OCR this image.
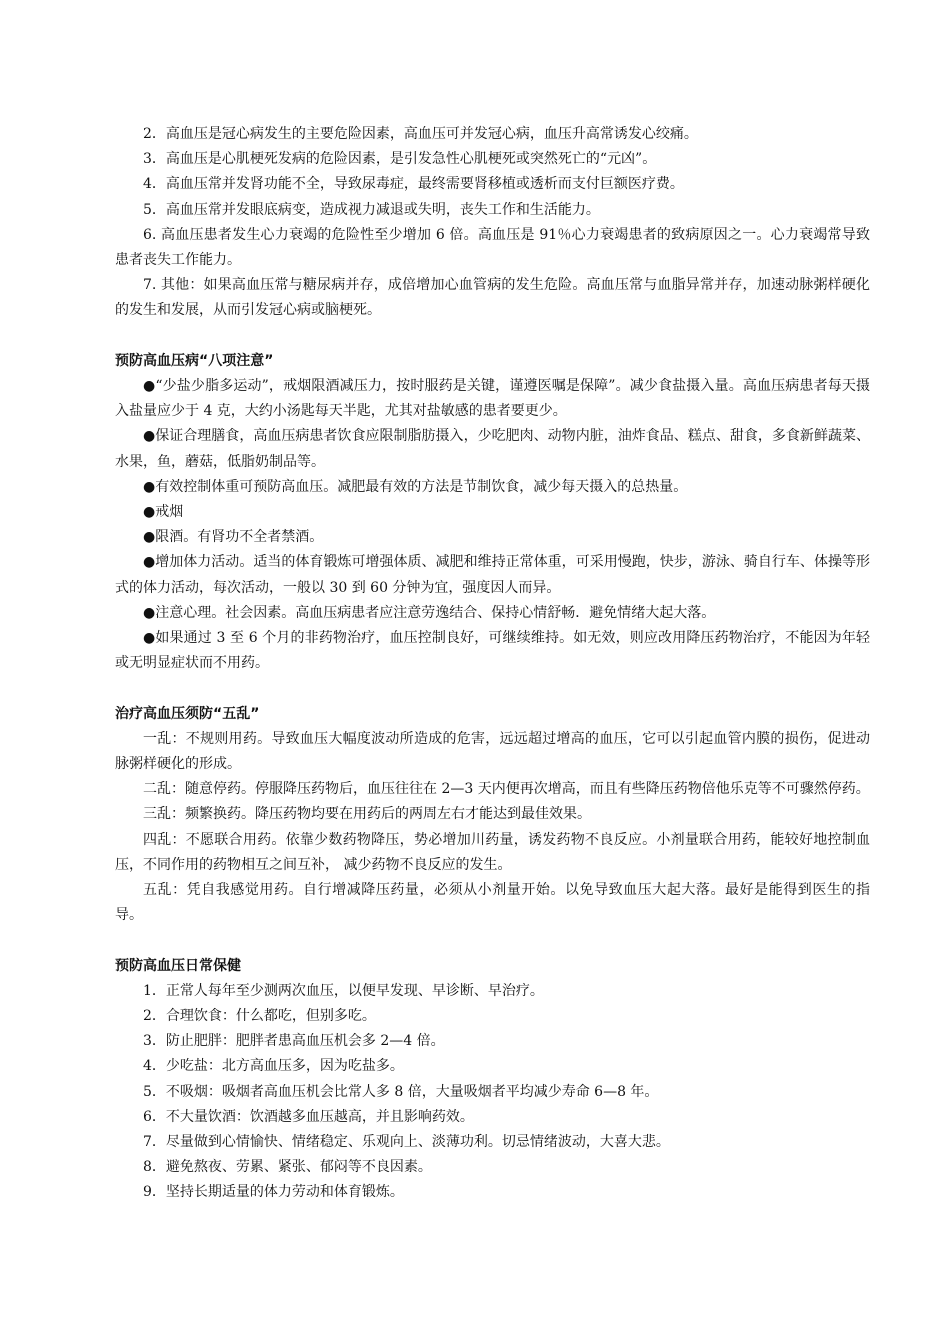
2．高血压是冠心病发生的主要危险因素，高血压可并发冠心病，血压升高常诱发心绞痛。

3．高血压是心肌梗死发病的危险因素，是引发急性心肌梗死或突然死亡的“元凶”。

4．高血压常并发肾功能不全，导致尿毒症，最终需要肾移植或透析而支付巨额医疗费。

5．高血压常并发眼底病变，造成视力减退或失明，丧失工作和生活能力。

6. 高血压患者发生心力衰竭的危险性至少增加 6 倍。高血压是 91％心力衰竭患者的致病原因之一。心力衰竭常导致患者丧失工作能力。

7. 其他：如果高血压常与糖尿病并存，成倍增加心血管病的发生危险。高血压常与血脂异常并存，加速动脉粥样硬化的发生和发展，从而引发冠心病或脑梗死。

预防高血压病“八项注意”

●“少盐少脂多运动”，戒烟限酒减压力，按时服药是关键，谨遵医嘱是保障”。减少食盐摄入量。高血压病患者每天摄入盐量应少于 4 克，大约小汤匙每天半匙，尤其对盐敏感的患者要更少。

●保证合理膳食，高血压病患者饮食应限制脂肪摄入，少吃肥肉、动物内脏，油炸食品、糕点、甜食，多食新鲜蔬菜、水果，鱼，蘑菇，低脂奶制品等。

●有效控制体重可预防高血压。减肥最有效的方法是节制饮食，减少每天摄入的总热量。

●戒烟

●限酒。有肾功不全者禁酒。

●增加体力活动。适当的体育锻炼可增强体质、减肥和维持正常体重，可采用慢跑，快步，游泳、骑自行车、体操等形式的体力活动，每次活动，一般以 30 到 60 分钟为宜，强度因人而异。

●注意心理。社会因素。高血压病患者应注意劳逸结合、保持心情舒畅．避免情绪大起大落。

●如果通过 3 至 6 个月的非药物治疗，血压控制良好，可继续维持。如无效，则应改用降压药物治疗，不能因为年轻或无明显症状而不用药。

治疗高血压须防“五乱”

一乱：不规则用药。导致血压大幅度波动所造成的危害，远远超过增高的血压，它可以引起血管内膜的损伤，促进动脉粥样硬化的形成。

二乱：随意停药。停服降压药物后，血压往往在 2—3 天内便再次增高，而且有些降压药物倍他乐克等不可骤然停药。

三乱：频繁换药。降压药物均要在用药后的两周左右才能达到最佳效果。

四乱：不愿联合用药。依靠少数药物降压，势必增加川药量，诱发药物不良反应。小剂量联合用药，能较好地控制血压，不同作用的药物相互之间互补， 减少药物不良反应的发生。

五乱：凭自我感觉用药。自行增减降压药量，必须从小剂量开始。以免导致血压大起大落。最好是能得到医生的指导。

预防高血压日常保健

1．正常人每年至少测两次血压，以便早发现、早诊断、早治疗。

2．合理饮食：什么都吃，但别多吃。

3．防止肥胖：肥胖者患高血压机会多 2—4 倍。

4．少吃盐：北方高血压多，因为吃盐多。

5．不吸烟：吸烟者高血压机会比常人多 8 倍，大量吸烟者平均减少寿命 6—8 年。

6．不大量饮酒：饮酒越多血压越高，并且影响药效。

7．尽量做到心情愉快、情绪稳定、乐观向上、淡薄功利。切忌情绪波动，大喜大悲。

8．避免熬夜、劳累、紧张、郁闷等不良因素。

9．坚持长期适量的体力劳动和体育锻炼。
